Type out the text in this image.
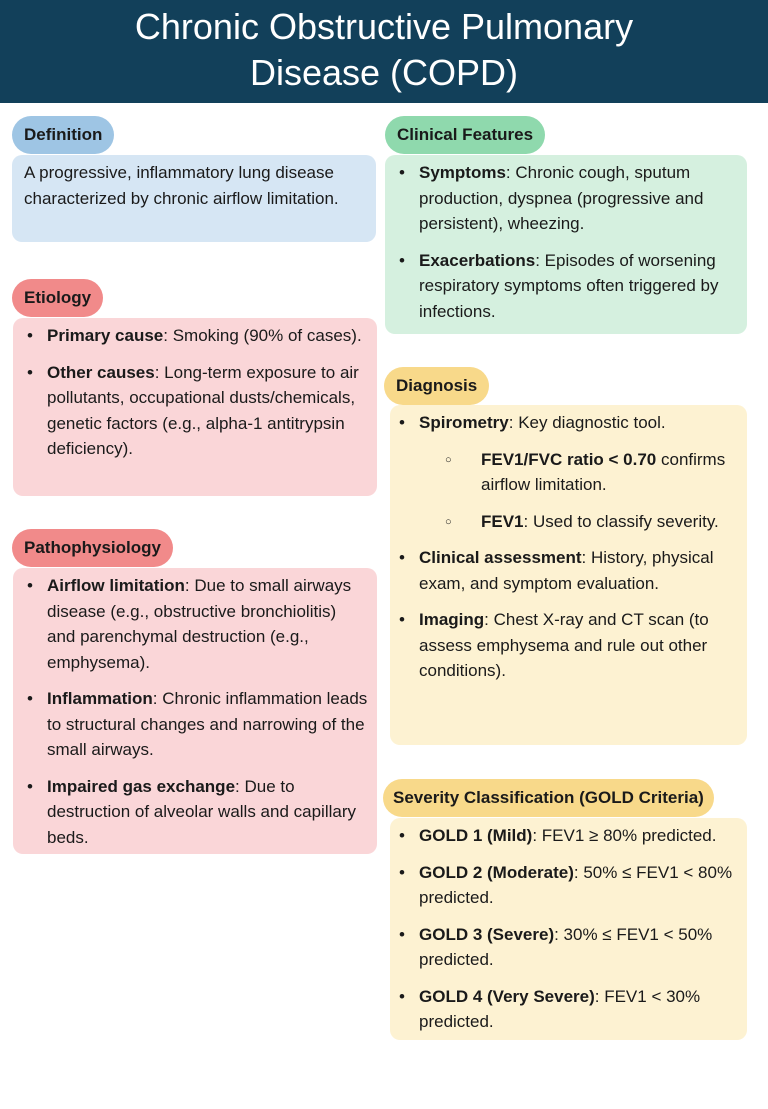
Chronic Obstructive Pulmonary
Disease (COPD)
Definition
A progressive, inflammatory lung disease characterized by chronic airflow limitation.
Etiology
• Primary cause: Smoking (90% of cases).
• Other causes: Long-term exposure to air pollutants, occupational dusts/chemicals, genetic factors (e.g., alpha-1 antitrypsin deficiency).
Pathophysiology
• Airflow limitation: Due to small airways disease (e.g., obstructive bronchiolitis) and parenchymal destruction (e.g., emphysema).
• Inflammation: Chronic inflammation leads to structural changes and narrowing of the small airways.
• Impaired gas exchange: Due to destruction of alveolar walls and capillary beds.
Clinical Features
• Symptoms: Chronic cough, sputum production, dyspnea (progressive and persistent), wheezing.
• Exacerbations: Episodes of worsening respiratory symptoms often triggered by infections.
Diagnosis
• Spirometry: Key diagnostic tool.
○ FEV1/FVC ratio < 0.70 confirms airflow limitation.
○ FEV1: Used to classify severity.
• Clinical assessment: History, physical exam, and symptom evaluation.
• Imaging: Chest X-ray and CT scan (to assess emphysema and rule out other conditions).
Severity Classification (GOLD Criteria)
• GOLD 1 (Mild): FEV1 ≥ 80% predicted.
• GOLD 2 (Moderate): 50% ≤ FEV1 < 80% predicted.
• GOLD 3 (Severe): 30% ≤ FEV1 < 50% predicted.
• GOLD 4 (Very Severe): FEV1 < 30% predicted.
